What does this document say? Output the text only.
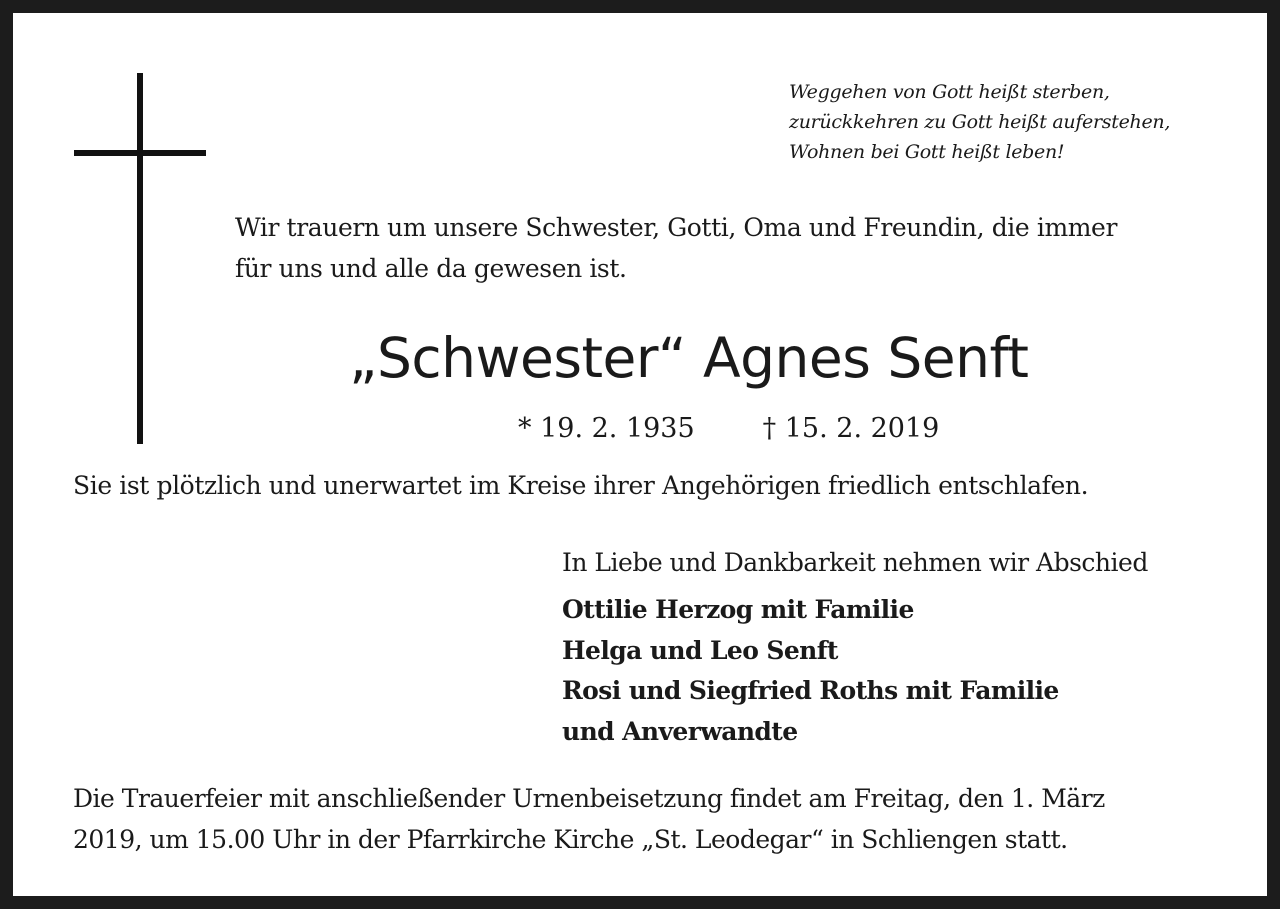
Weggehen von Gott heißt sterben,
zurückkehren zu Gott heißt auferstehen,
Wohnen bei Gott heißt leben!
Wir trauern um unsere Schwester, Gotti, Oma und Freundin, die immer
für uns und alle da gewesen ist.
„Schwester“ Agnes Senft
* 19. 2. 1935	† 15. 2. 2019
Sie ist plötzlich und unerwartet im Kreise ihrer Angehörigen friedlich entschlafen.
In Liebe und Dankbarkeit nehmen wir Abschied
Ottilie Herzog mit Familie
Helga und Leo Senft
Rosi und Siegfried Roths mit Familie
und Anverwandte
Die Trauerfeier mit anschließender Urnenbeisetzung findet am Freitag, den 1. März
2019, um 15.00 Uhr in der Pfarrkirche Kirche „St. Leodegar“ in Schliengen statt.
